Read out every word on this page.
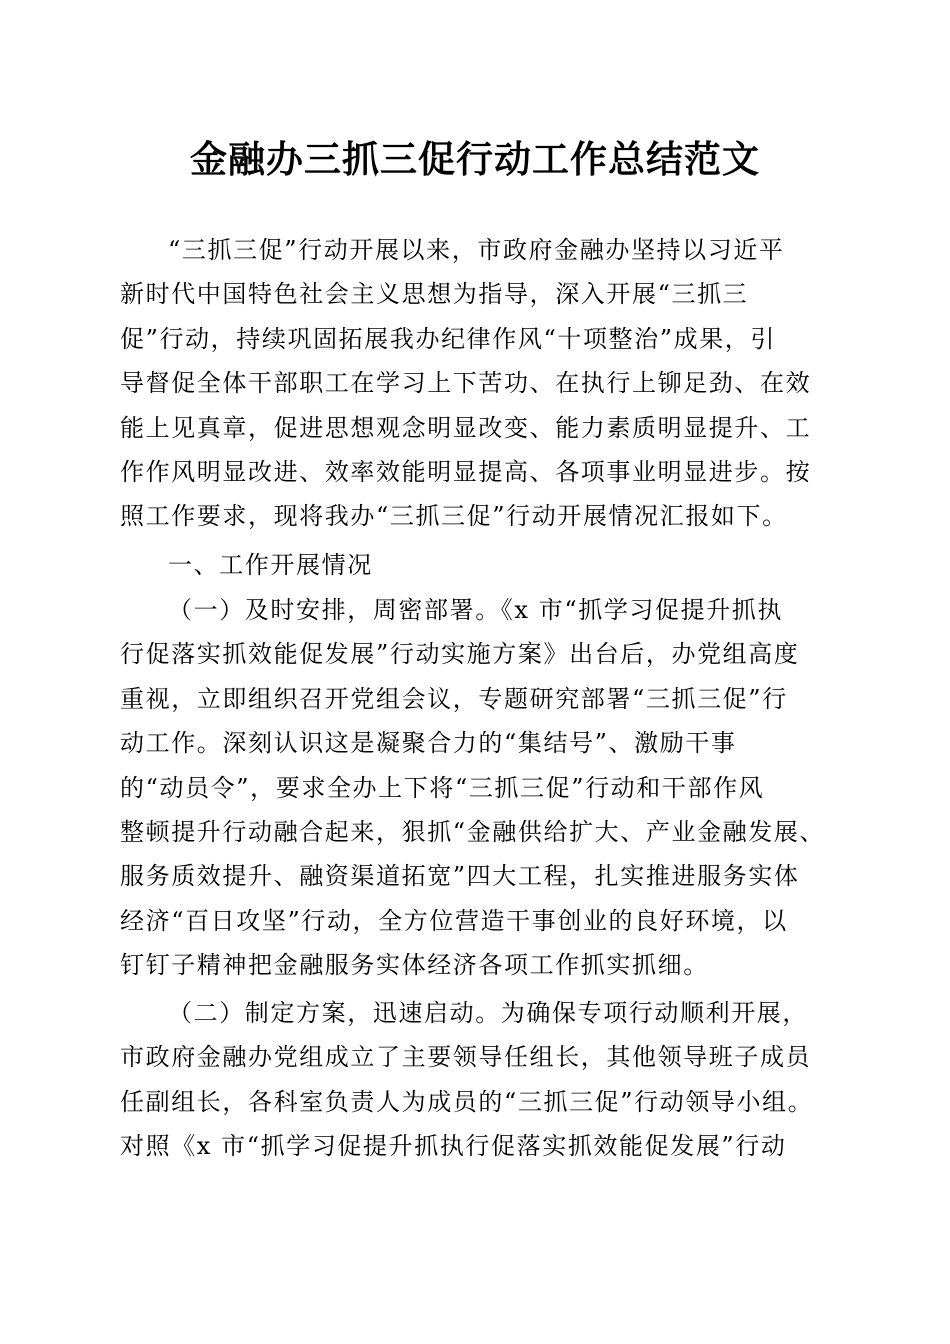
金融办三抓三促行动工作总结范文
“三抓三促”行动开展以来，市政府金融办坚持以习近平
新时代中国特色社会主义思想为指导，深入开展“三抓三
促”行动，持续巩固拓展我办纪律作风“十项整治”成果，引
导督促全体干部职工在学习上下苦功、在执行上铆足劲、在效
能上见真章，促进思想观念明显改变、能力素质明显提升、工
作作风明显改进、效率效能明显提高、各项事业明显进步。按
照工作要求，现将我办“三抓三促”行动开展情况汇报如下。
一、工作开展情况
（一）及时安排，周密部署。《x 市“抓学习促提升抓执
行促落实抓效能促发展”行动实施方案》出台后，办党组高度
重视，立即组织召开党组会议，专题研究部署“三抓三促”行
动工作。深刻认识这是凝聚合力的“集结号”、激励干事
的“动员令”，要求全办上下将“三抓三促”行动和干部作风
整顿提升行动融合起来，狠抓“金融供给扩大、产业金融发展、
服务质效提升、融资渠道拓宽”四大工程，扎实推进服务实体
经济“百日攻坚”行动，全方位营造干事创业的良好环境，以
钉钉子精神把金融服务实体经济各项工作抓实抓细。
（二）制定方案，迅速启动。为确保专项行动顺利开展，
市政府金融办党组成立了主要领导任组长，其他领导班子成员
任副组长，各科室负责人为成员的“三抓三促”行动领导小组。
对照《x 市“抓学习促提升抓执行促落实抓效能促发展”行动
